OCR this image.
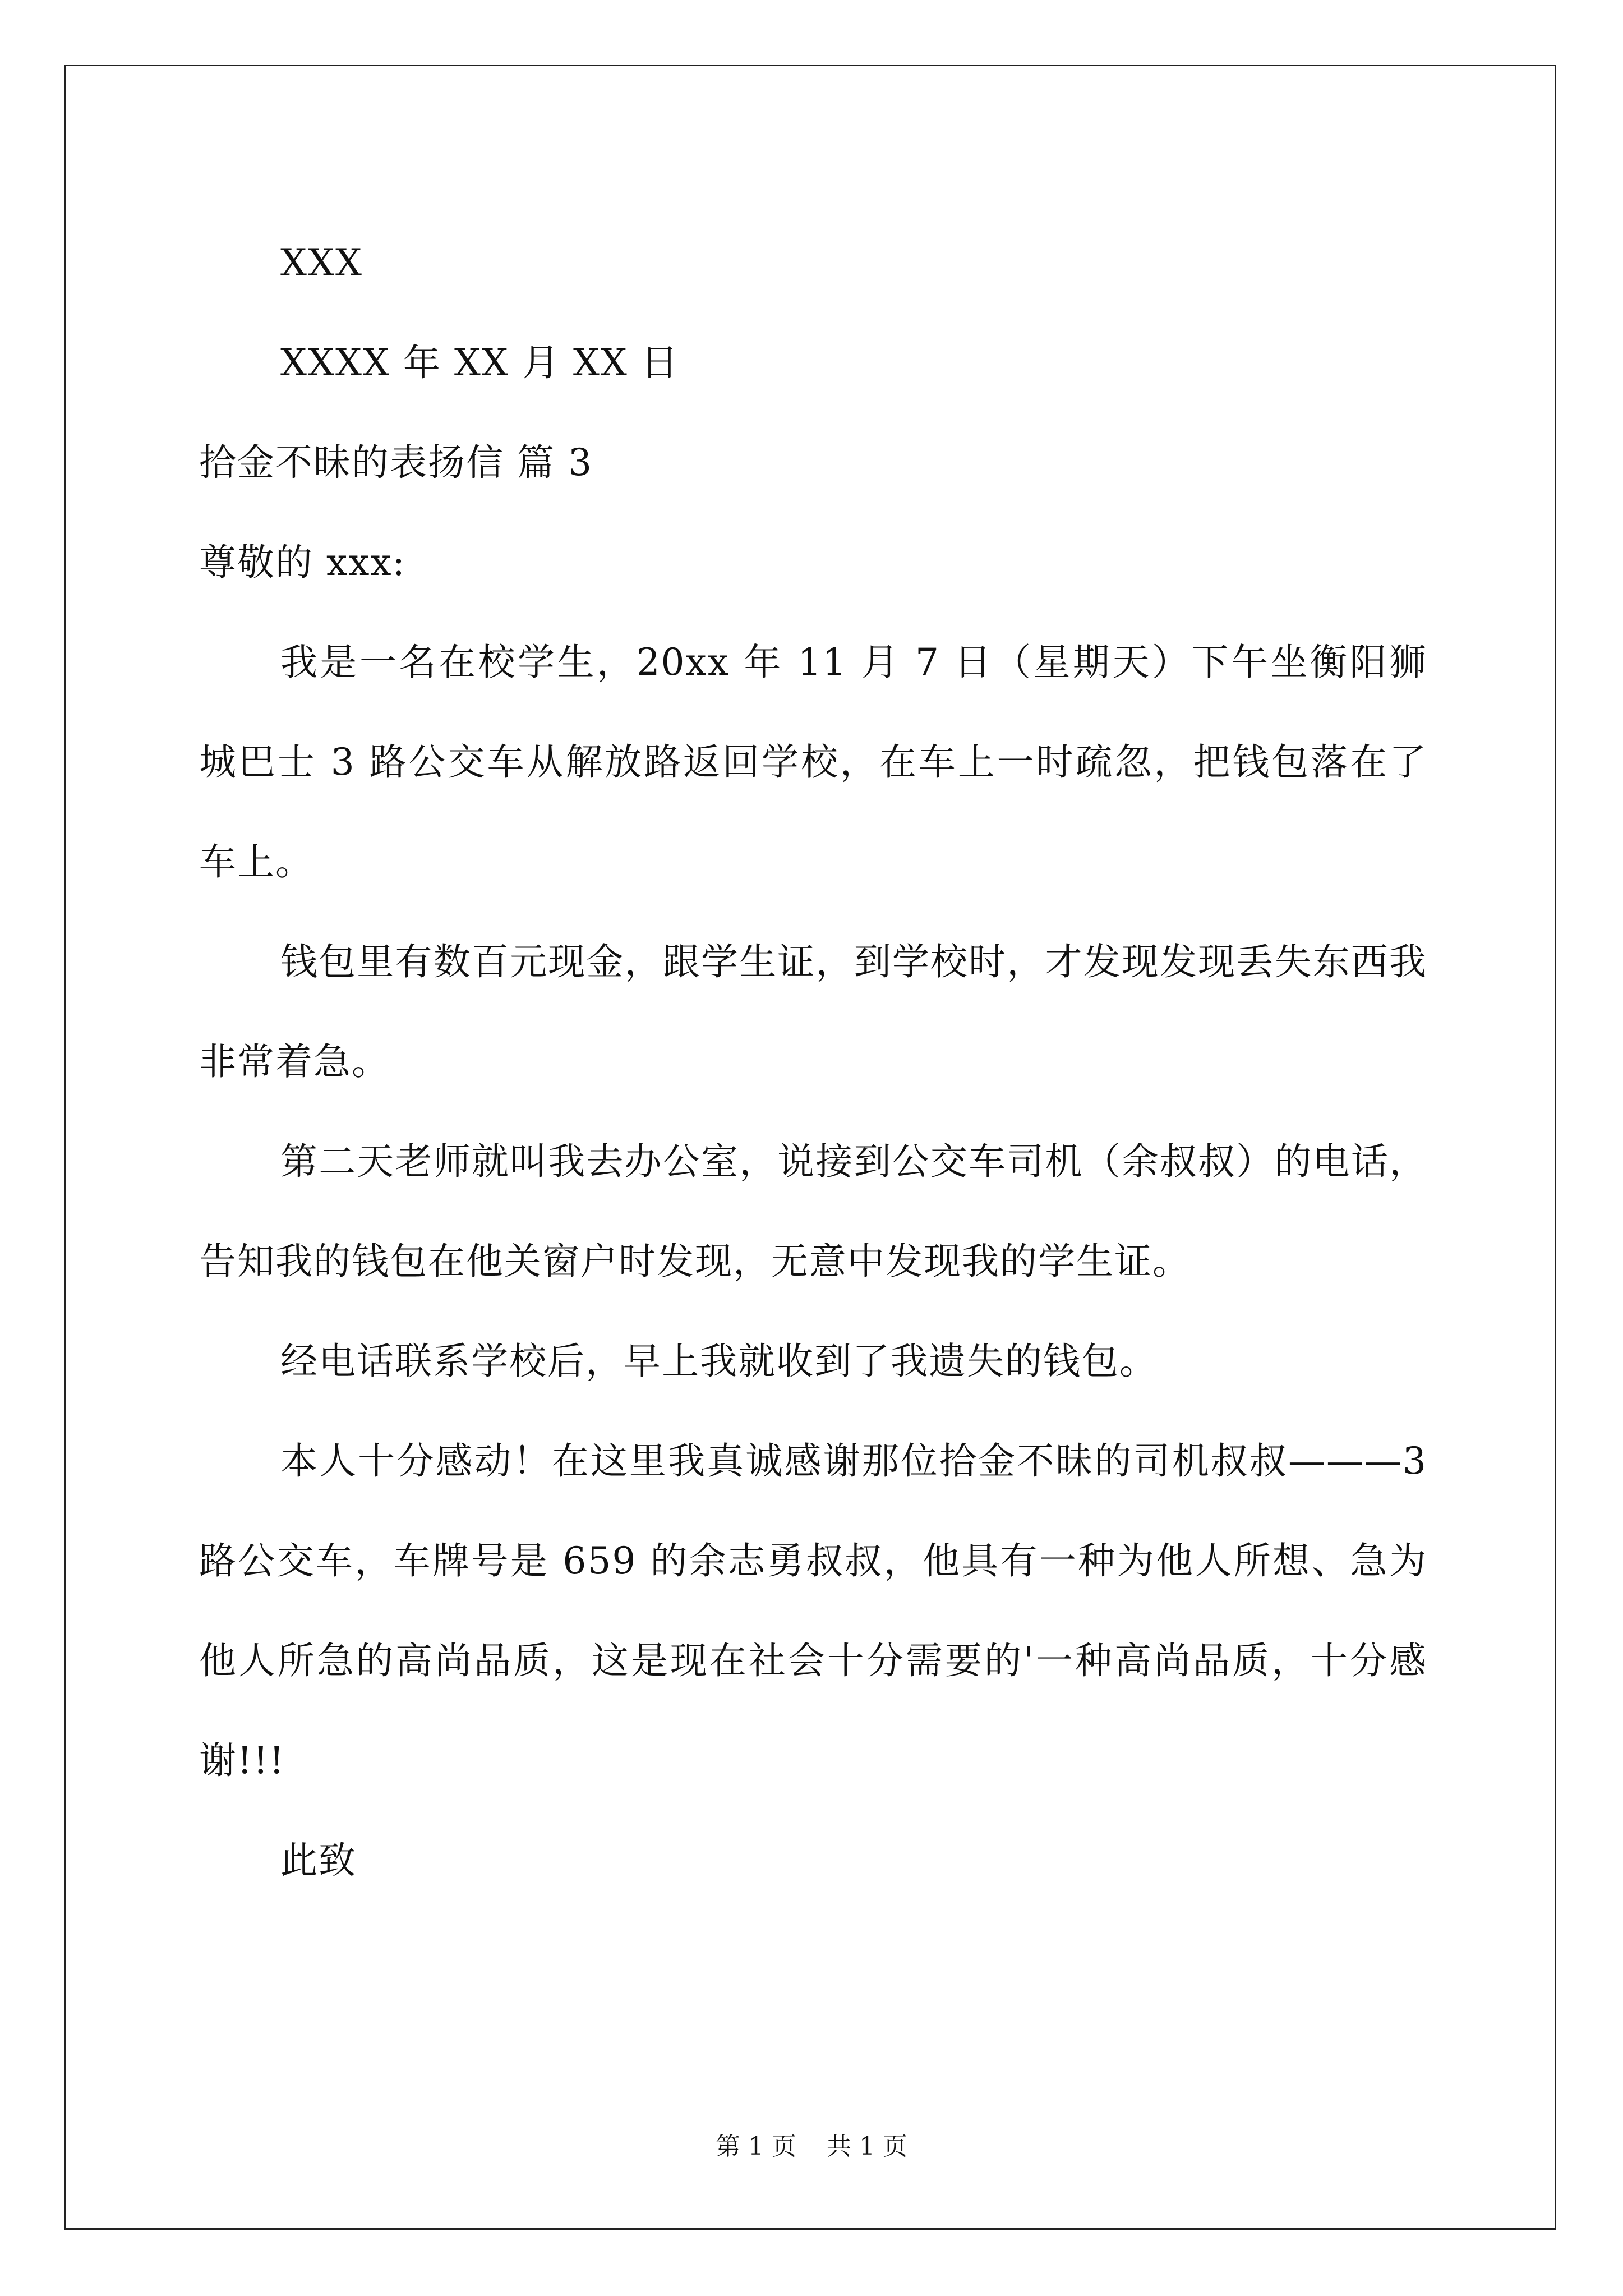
XXX

XXXX 年 XX 月 XX 日

拾金不昧的表扬信 篇 3

尊敬的 xxx:

我是一名在校学生，20xx 年 11 月 7 日（星期天）下午坐衡阳狮城巴士 3 路公交车从解放路返回学校，在车上一时疏忽，把钱包落在了车上。

钱包里有数百元现金，跟学生证，到学校时，才发现发现丢失东西我非常着急。

第二天老师就叫我去办公室，说接到公交车司机（余叔叔）的电话，告知我的钱包在他关窗户时发现，无意中发现我的学生证。

经电话联系学校后，早上我就收到了我遗失的钱包。

本人十分感动！在这里我真诚感谢那位拾金不昧的司机叔叔———3 路公交车，车牌号是 659 的余志勇叔叔，他具有一种为他人所想、急为他人所急的高尚品质，这是现在社会十分需要的'一种高尚品质，十分感谢!!!

此致

第 1 页 共 1 页
